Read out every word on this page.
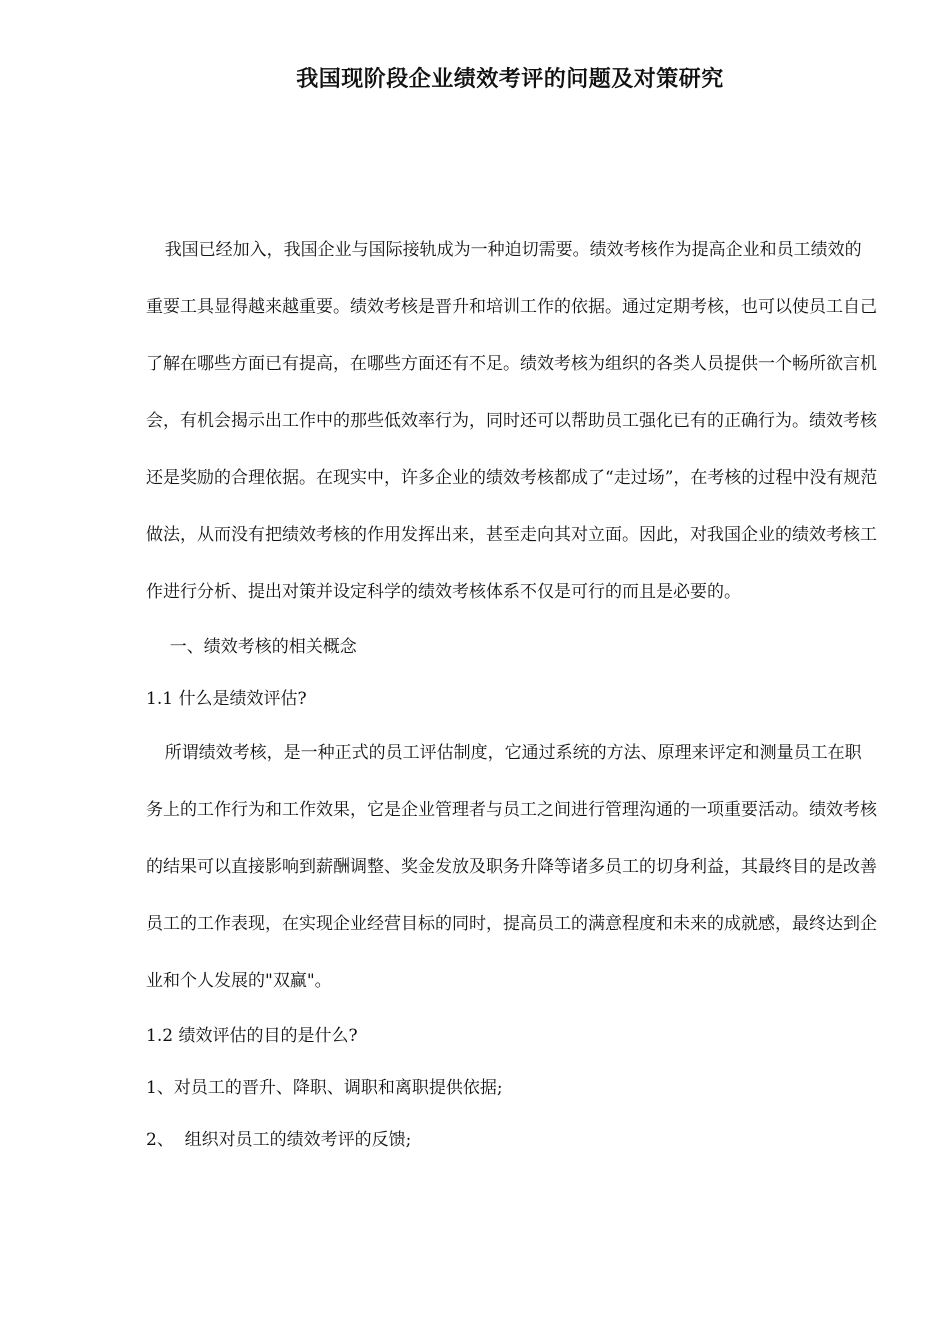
我国现阶段企业绩效考评的问题及对策研究

我国已经加入，我国企业与国际接轨成为一种迫切需要。绩效考核作为提高企业和员工绩效的重要工具显得越来越重要。绩效考核是晋升和培训工作的依据。通过定期考核，也可以使员工自己了解在哪些方面已有提高，在哪些方面还有不足。绩效考核为组织的各类人员提供一个畅所欲言机会，有机会揭示出工作中的那些低效率行为，同时还可以帮助员工强化已有的正确行为。绩效考核还是奖励的合理依据。在现实中，许多企业的绩效考核都成了“走过场”，在考核的过程中没有规范做法，从而没有把绩效考核的作用发挥出来，甚至走向其对立面。因此，对我国企业的绩效考核工作进行分析、提出对策并设定科学的绩效考核体系不仅是可行的而且是必要的。

一、绩效考核的相关概念

1.1 什么是绩效评估?

所谓绩效考核，是一种正式的员工评估制度，它通过系统的方法、原理来评定和测量员工在职务上的工作行为和工作效果，它是企业管理者与员工之间进行管理沟通的一项重要活动。绩效考核的结果可以直接影响到薪酬调整、奖金发放及职务升降等诸多员工的切身利益，其最终目的是改善员工的工作表现，在实现企业经营目标的同时，提高员工的满意程度和未来的成就感，最终达到企业和个人发展的"双赢"。

1.2 绩效评估的目的是什么?

1、对员工的晋升、降职、调职和离职提供依据;

2、  组织对员工的绩效考评的反馈;
